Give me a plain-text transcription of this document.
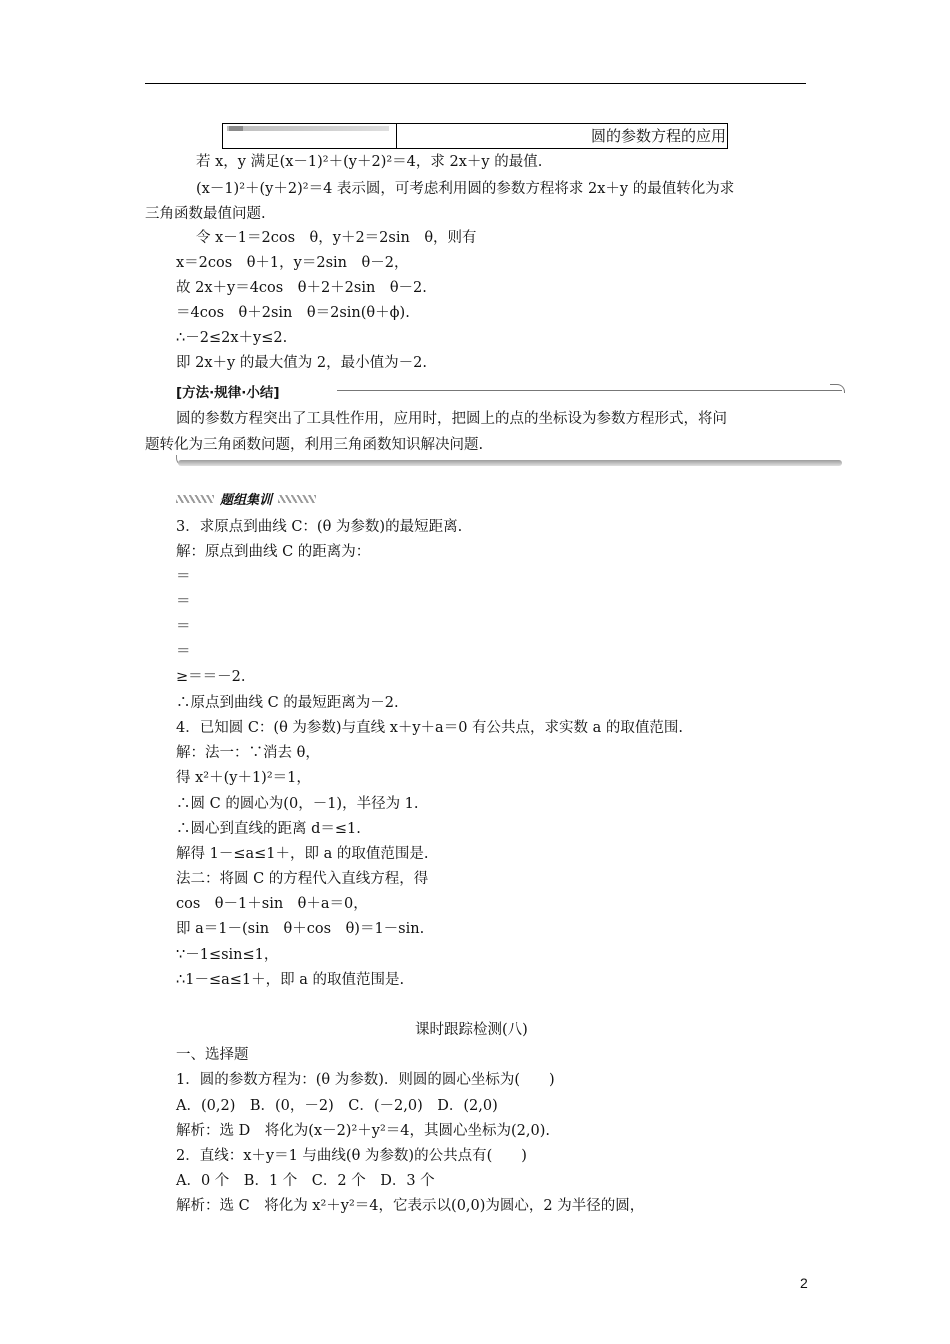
圆的参数方程的应用
若 x，y 满足(x－1)²＋(y＋2)²＝4，求 2x＋y 的最值.
(x－1)²＋(y＋2)²＝4 表示圆，可考虑利用圆的参数方程将求 2x＋y 的最值转化为求
三角函数最值问题.
令 x－1＝2cos　θ，y＋2＝2sin　θ，则有
x＝2cos　θ＋1，y＝2sin　θ－2，
故 2x＋y＝4cos　θ＋2＋2sin　θ－2.
＝4cos　θ＋2sin　θ＝2sin(θ＋ϕ).
∴－2≤2x＋y≤2.
即 2x＋y 的最大值为 2，最小值为－2.
[方法·规律·小结]
圆的参数方程突出了工具性作用，应用时，把圆上的点的坐标设为参数方程形式，将问
题转化为三角函数问题，利用三角函数知识解决问题.
题组集训
3．求原点到曲线 C：(θ 为参数)的最短距离.
解：原点到曲线 C 的距离为：
＝
＝
＝
＝
≥＝＝－2.
∴原点到曲线 C 的最短距离为－2.
4．已知圆 C：(θ 为参数)与直线 x＋y＋a＝0 有公共点，求实数 a 的取值范围.
解：法一：∵消去 θ，
得 x²＋(y＋1)²＝1，
∴圆 C 的圆心为(0，－1)，半径为 1.
∴圆心到直线的距离 d＝≤1.
解得 1－≤a≤1＋，即 a 的取值范围是.
法二：将圆 C 的方程代入直线方程，得
cos　θ－1＋sin　θ＋a＝0，
即 a＝1－(sin　θ＋cos　θ)＝1－sin.
∵－1≤sin≤1，
∴1－≤a≤1＋，即 a 的取值范围是.
课时跟踪检测(八)
一、选择题
1．圆的参数方程为：(θ 为参数)．则圆的圆心坐标为(　　)
A．(0,2)　B．(0，－2)　C．(－2,0)　D．(2,0)
解析：选 D　将化为(x－2)²＋y²＝4，其圆心坐标为(2,0).
2．直线：x＋y＝1 与曲线(θ 为参数)的公共点有(　　)
A．0 个　B．1 个　C．2 个　D．3 个
解析：选 C　将化为 x²＋y²＝4，它表示以(0,0)为圆心，2 为半径的圆，
2
